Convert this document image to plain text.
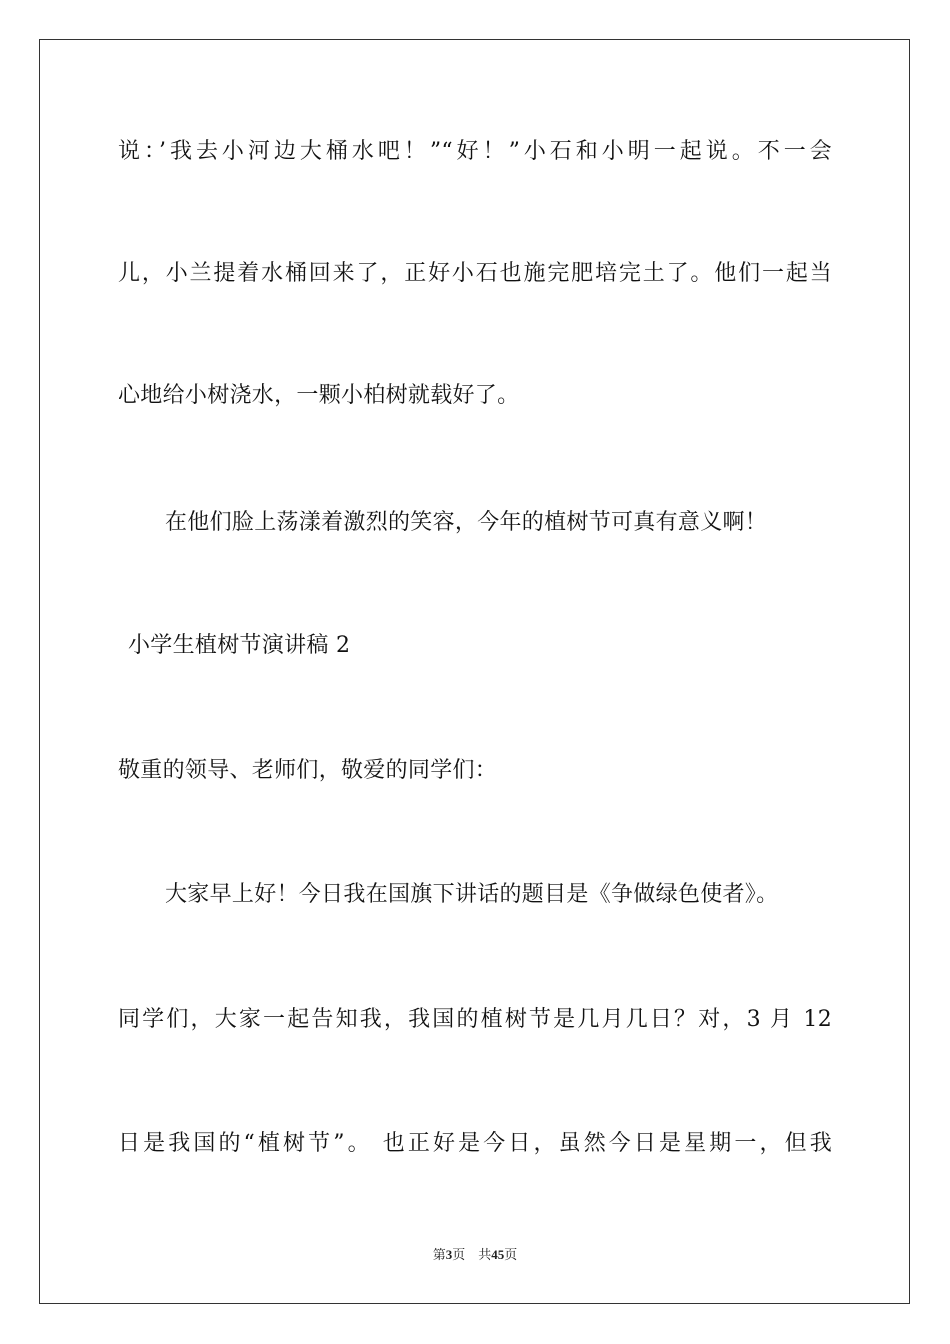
说：’我去小河边大桶水吧！”“好！”小石和小明一起说。不一会
儿，小兰提着水桶回来了，正好小石也施完肥培完土了。他们一起当
心地给小树浇水，一颗小柏树就载好了。
在他们脸上荡漾着激烈的笑容，今年的植树节可真有意义啊！
小学生植树节演讲稿 2
敬重的领导、老师们，敬爱的同学们：
大家早上好！今日我在国旗下讲话的题目是《争做绿色使者》。
同学们，大家一起告知我，我国的植树节是几月几日？对，3 月 12
日是我国的“植树节”。 也正好是今日，虽然今日是星期一，但我
第3页　共45页
